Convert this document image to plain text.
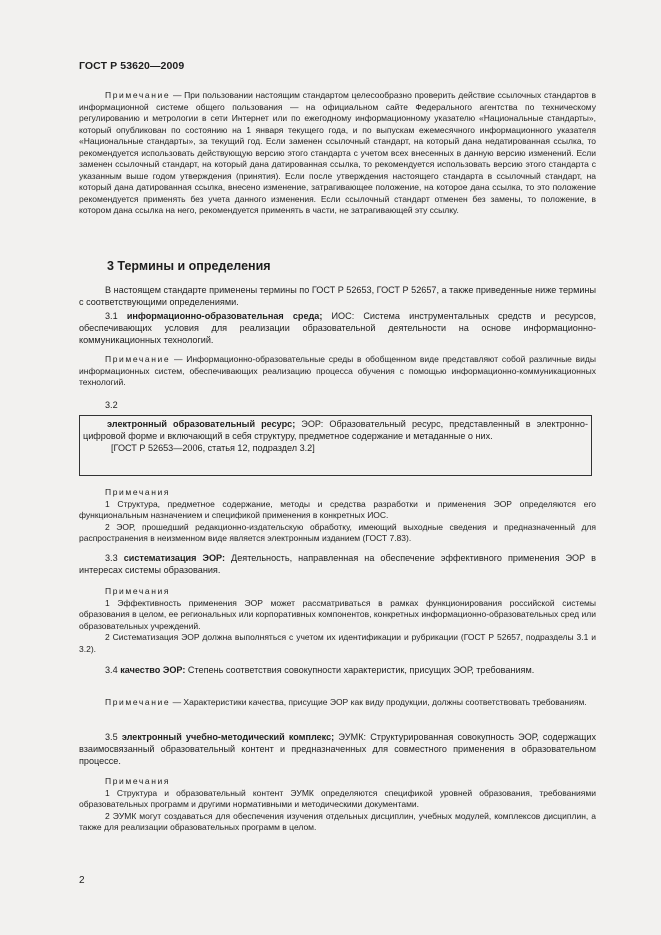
ГОСТ Р 53620—2009
Примечание — При пользовании настоящим стандартом целесообразно проверить действие ссылочных стандартов в информационной системе общего пользования — на официальном сайте Федерального агентства по техническому регулированию и метрологии в сети Интернет или по ежегодному информационному указателю «Национальные стандарты», который опубликован по состоянию на 1 января текущего года, и по выпускам ежемесячного информационного указателя «Национальные стандарты», за текущий год. Если заменен ссылочный стандарт, на который дана недатированная ссылка, то рекомендуется использовать действующую версию этого стандарта с учетом всех внесенных в данную версию изменений. Если заменен ссылочный стандарт, на который дана датированная ссылка, то рекомендуется использовать версию этого стандарта с указанным выше годом утверждения (принятия). Если после утверждения настоящего стандарта в ссылочный стандарт, на который дана датированная ссылка, внесено изменение, затрагивающее положение, на которое дана ссылка, то это положение рекомендуется применять без учета данного изменения. Если ссылочный стандарт отменен без замены, то положение, в котором дана ссылка на него, рекомендуется применять в части, не затрагивающей эту ссылку.
3 Термины и определения
В настоящем стандарте применены термины по ГОСТ Р 52653, ГОСТ Р 52657, а также приведенные ниже термины с соответствующими определениями.
3.1 информационно-образовательная среда; ИОС: Система инструментальных средств и ресурсов, обеспечивающих условия для реализации образовательной деятельности на основе информационно-коммуникационных технологий.
Примечание — Информационно-образовательные среды в обобщенном виде представляют собой различные виды информационных систем, обеспечивающих реализацию процесса обучения с помощью информационно-коммуникационных технологий.
3.2
электронный образовательный ресурс; ЭОР: Образовательный ресурс, представленный в электронно-цифровой форме и включающий в себя структуру, предметное содержание и метаданные о них.
[ГОСТ Р 52653—2006, статья 12, подраздел 3.2]
Примечания
1 Структура, предметное содержание, методы и средства разработки и применения ЭОР определяются его функциональным назначением и спецификой применения в конкретных ИОС.
2 ЭОР, прошедший редакционно-издательскую обработку, имеющий выходные сведения и предназначенный для распространения в неизменном виде является электронным изданием (ГОСТ 7.83).
3.3 систематизация ЭОР: Деятельность, направленная на обеспечение эффективного применения ЭОР в интересах системы образования.
Примечания
1 Эффективность применения ЭОР может рассматриваться в рамках функционирования российской системы образования в целом, ее региональных или корпоративных компонентов, конкретных информационно-образовательных сред или образовательных учреждений.
2 Систематизация ЭОР должна выполняться с учетом их идентификации и рубрикации (ГОСТ Р 52657, подразделы 3.1 и 3.2).
3.4 качество ЭОР: Степень соответствия совокупности характеристик, присущих ЭОР, требованиям.
Примечание — Характеристики качества, присущие ЭОР как виду продукции, должны соответствовать требованиям.
3.5 электронный учебно-методический комплекс; ЭУМК: Структурированная совокупность ЭОР, содержащих взаимосвязанный образовательный контент и предназначенных для совместного применения в образовательном процессе.
Примечания
1 Структура и образовательный контент ЭУМК определяются спецификой уровней образования, требованиями образовательных программ и другими нормативными и методическими документами.
2 ЭУМК могут создаваться для обеспечения изучения отдельных дисциплин, учебных модулей, комплексов дисциплин, а также для реализации образовательных программ в целом.
2
